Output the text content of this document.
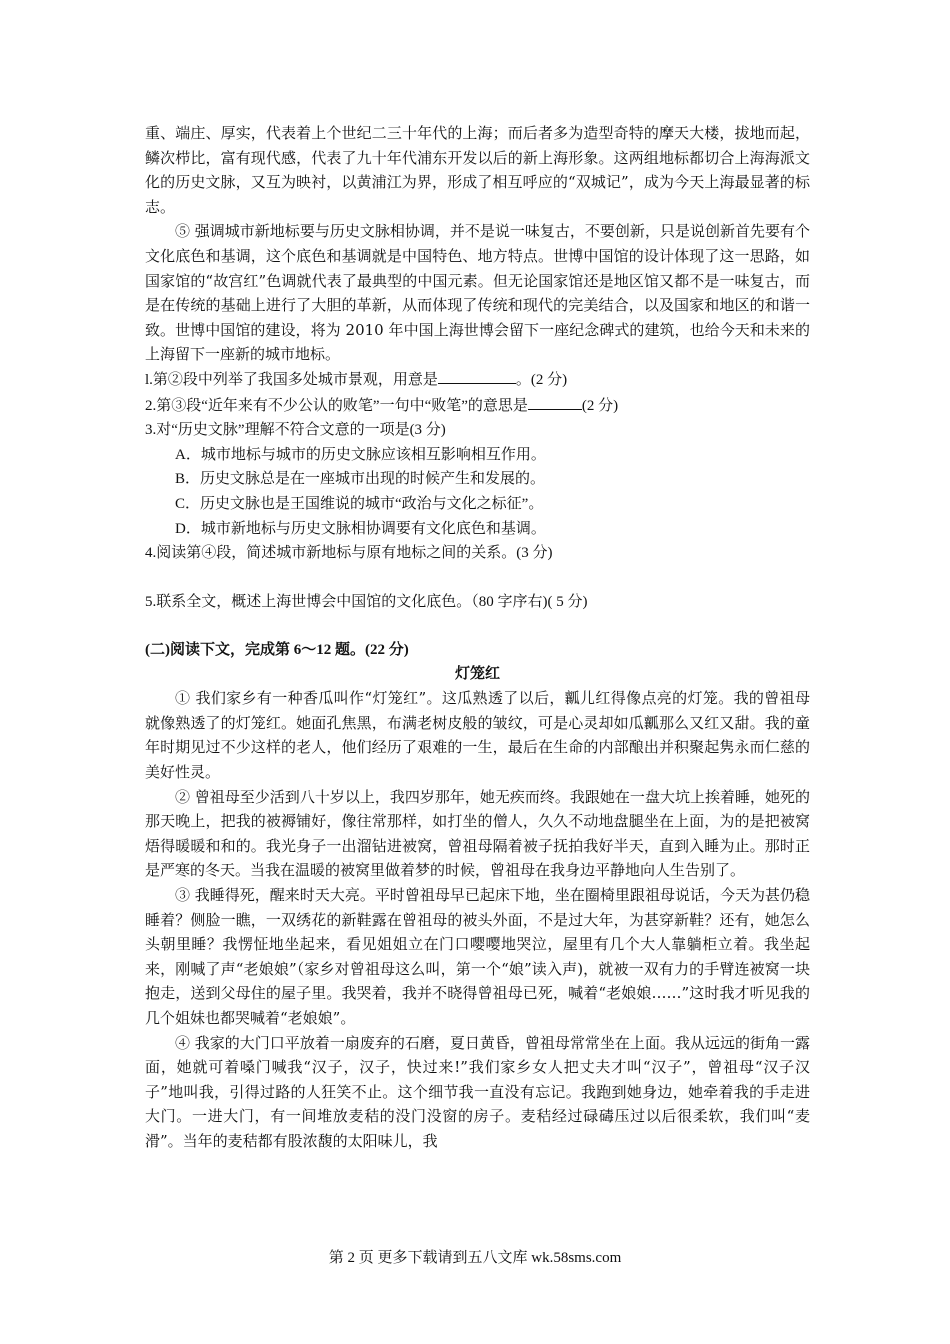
重、端庄、厚实，代表着上个世纪二三十年代的上海；而后者多为造型奇特的摩天大楼，拔地而起，鳞次栉比，富有现代感，代表了九十年代浦东开发以后的新上海形象。这两组地标都切合上海海派文化的历史文脉，又互为映衬，以黄浦江为界，形成了相互呼应的“双城记”，成为今天上海最显著的标志。

⑤ 强调城市新地标要与历史文脉相协调，并不是说一味复古，不要创新，只是说创新首先要有个文化底色和基调，这个底色和基调就是中国特色、地方特点。世博中国馆的设计体现了这一思路，如国家馆的“故宫红”色调就代表了最典型的中国元素。但无论国家馆还是地区馆又都不是一味复古，而是在传统的基础上进行了大胆的革新，从而体现了传统和现代的完美结合，以及国家和地区的和谐一致。世博中国馆的建设，将为 2010 年中国上海世博会留下一座纪念碑式的建筑，也给今天和未来的上海留下一座新的城市地标。

l.第②段中列举了我国多处城市景观，用意是	。(2 分)

2.第③段“近年来有不少公认的败笔”一句中“败笔”的意思是	(2 分)

3.对“历史文脉”理解不符合文意的一项是(3 分)

A．城市地标与城市的历史文脉应该相互影响相互作用。

B．历史文脉总是在一座城市出现的时候产生和发展的。

C．历史文脉也是王国维说的城市“政治与文化之标征”。

D．城市新地标与历史文脉相协调要有文化底色和基调。

4.阅读第④段，简述城市新地标与原有地标之间的关系。(3 分)

5.联系全文，概述上海世博会中国馆的文化底色。（80 字序右)( 5 分)

(二)阅读下文，完成第 6～12 题。(22 分)

灯笼红

① 我们家乡有一种香瓜叫作“灯笼红”。这瓜熟透了以后，瓤儿红得像点亮的灯笼。我的曾祖母就像熟透了的灯笼红。她面孔焦黑，布满老树皮般的皱纹，可是心灵却如瓜瓤那么又红又甜。我的童年时期见过不少这样的老人，他们经历了艰难的一生，最后在生命的内部酿出并积聚起隽永而仁慈的美好性灵。

② 曾祖母至少活到八十岁以上，我四岁那年，她无疾而终。我跟她在一盘大坑上挨着睡，她死的那天晚上，把我的被褥铺好，像往常那样，如打坐的僧人，久久不动地盘腿坐在上面，为的是把被窝焐得暖暖和和的。我光身子一出溜钻进被窝，曾祖母隔着被子抚拍我好半天，直到入睡为止。那时正是严寒的冬天。当我在温暖的被窝里做着梦的时候，曾祖母在我身边平静地向人生告别了。

③ 我睡得死，醒来时天大亮。平时曾祖母早已起床下地，坐在圈椅里跟祖母说话，今天为甚仍稳睡着？侧脸一瞧，一双绣花的新鞋露在曾祖母的被头外面，不是过大年，为甚穿新鞋？还有，她怎么头朝里睡？我愣怔地坐起来，看见姐姐立在门口嘤嘤地哭泣，屋里有几个大人靠躺柜立着。我坐起来，刚喊了声“老娘娘”（家乡对曾祖母这么叫，第一个“娘”读入声)，就被一双有力的手臂连被窝一块抱走，送到父母住的屋子里。我哭着，我并不晓得曾祖母已死，喊着“老娘娘……”这时我才听见我的几个姐妹也都哭喊着“老娘娘”。

④ 我家的大门口平放着一扇废弃的石磨，夏日黄昏，曾祖母常常坐在上面。我从远远的街角一露面，她就可着嗓门喊我“汉子，汉子，快过来!”我们家乡女人把丈夫才叫“汉子”，曾祖母“汉子汉子”地叫我，引得过路的人狂笑不止。这个细节我一直没有忘记。我跑到她身边，她牵着我的手走进大门。一进大门，有一间堆放麦秸的没门没窗的房子。麦秸经过碌碡压过以后很柔软，我们叫“麦滑”。当年的麦秸都有股浓馥的太阳味儿，我

第 2 页 更多下载请到五八文库 wk.58sms.com
